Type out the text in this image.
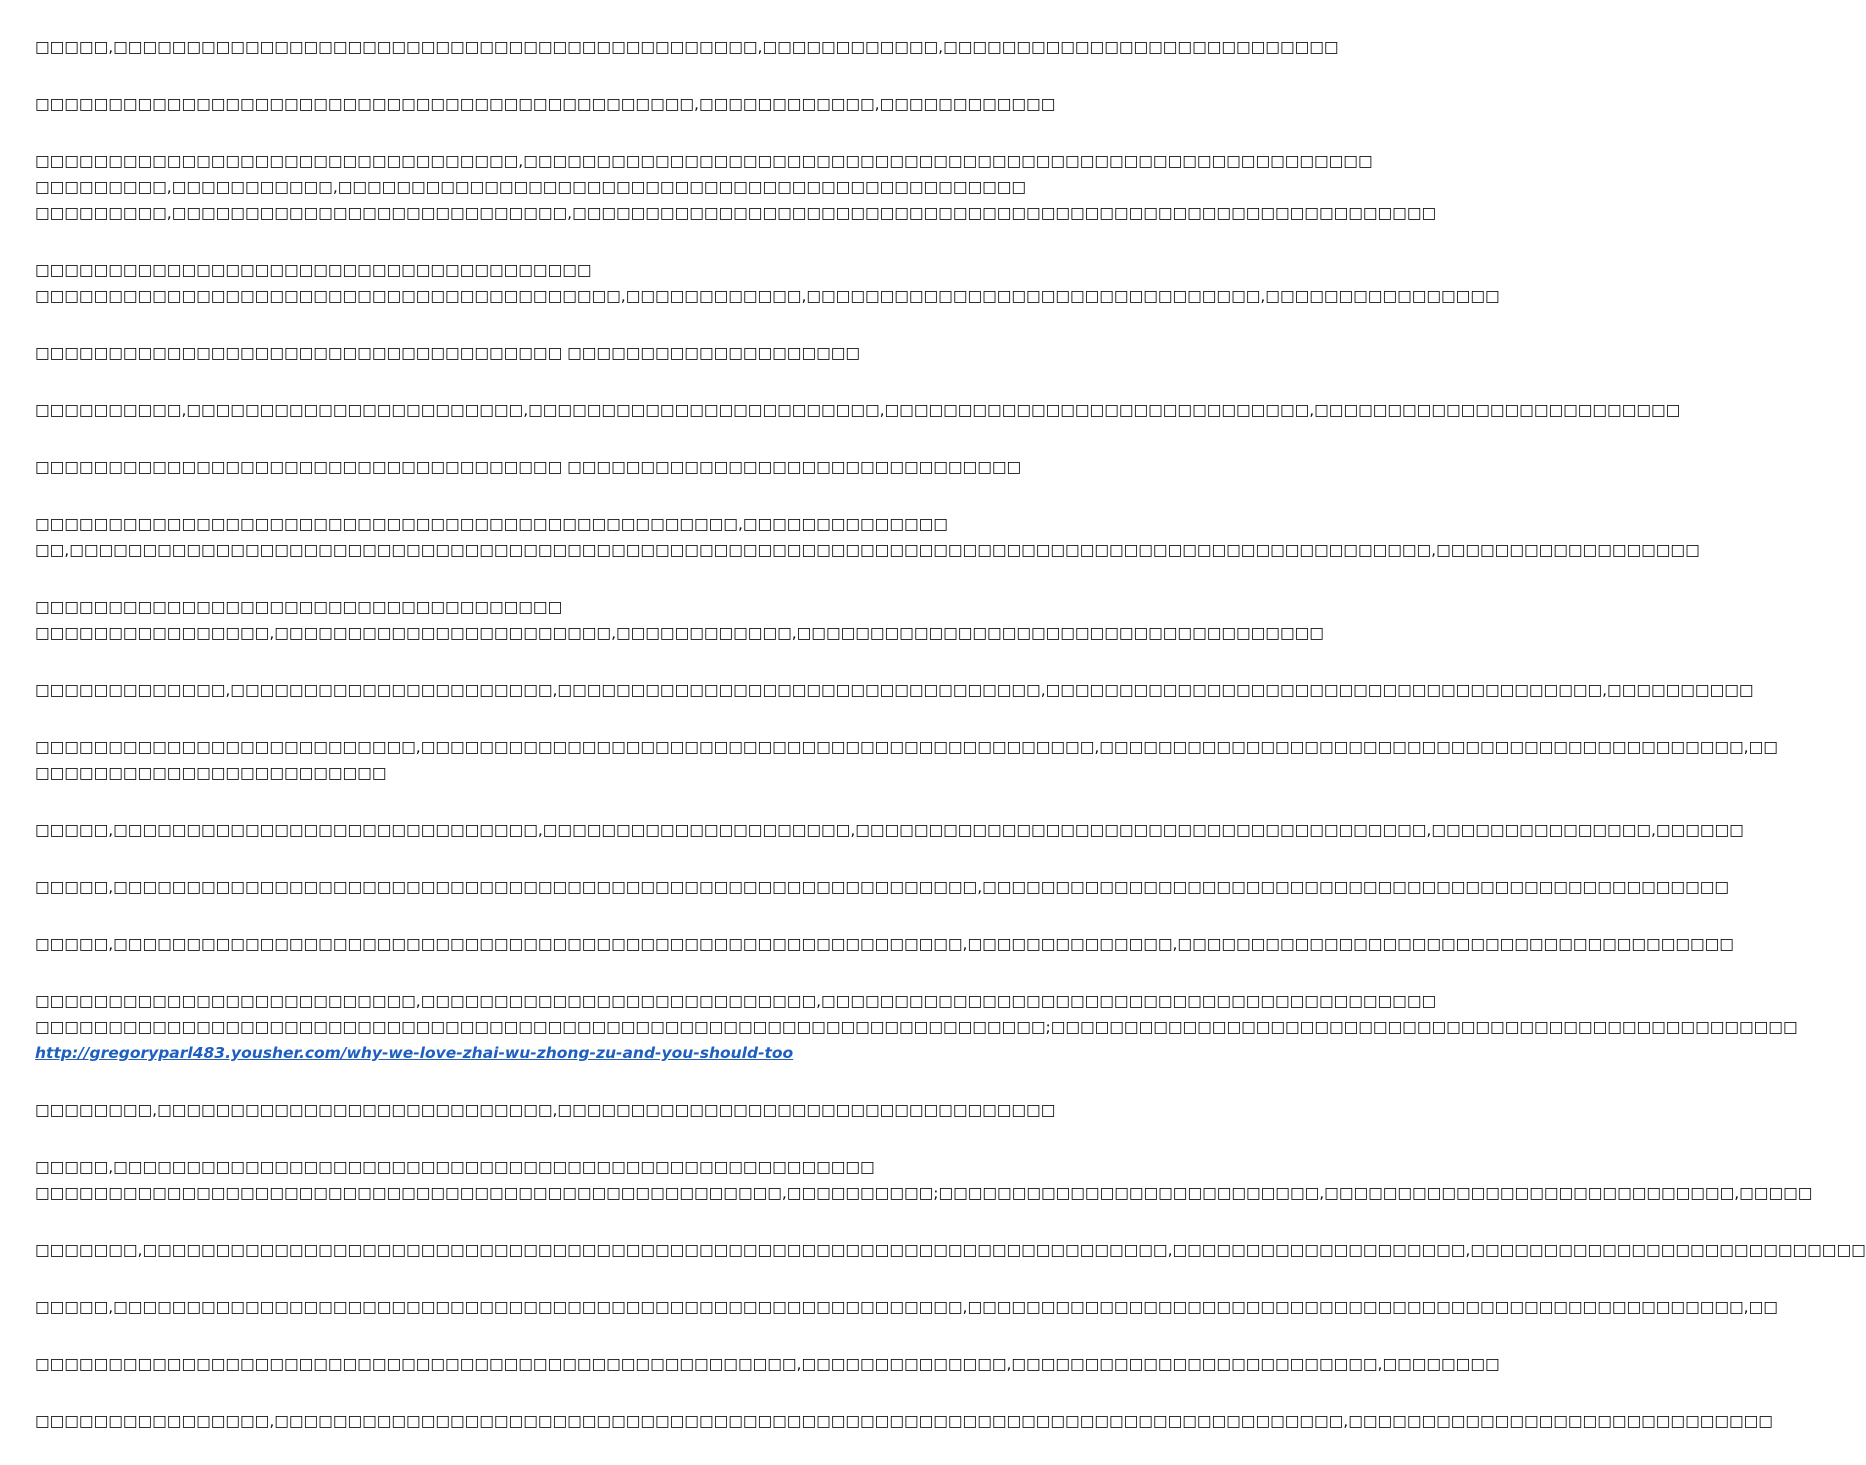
□□□□□,□□□□□□□□□□□□□□□□□□□□□□□□□□□□□□□□□□□□□□□□□□□□,□□□□□□□□□□□□,□□□□□□□□□□□□□□□□□□□□□□□□□□□
□□□□□□□□□□□□□□□□□□□□□□□□□□□□□□□□□□□□□□□□□□□□□,□□□□□□□□□□□□,□□□□□□□□□□□□
□□□□□□□□□□□□□□□□□□□□□□□□□□□□□□□□□,□□□□□□□□□□□□□□□□□□□□□□□□□□□□□□□□□□□□□□□□□□□□□□□□□□□□□□□□□□
□□□□□□□□□,□□□□□□□□□□□,□□□□□□□□□□□□□□□□□□□□□□□□□□□□□□□□□□□□□□□□□□□□□□□
□□□□□□□□□,□□□□□□□□□□□□□□□□□□□□□□□□□□□,□□□□□□□□□□□□□□□□□□□□□□□□□□□□□□□□□□□□□□□□□□□□□□□□□□□□□□□□□□□
□□□□□□□□□□□□□□□□□□□□□□□□□□□□□□□□□□□□□□
□□□□□□□□□□□□□□□□□□□□□□□□□□□□□□□□□□□□□□□□,□□□□□□□□□□□□,□□□□□□□□□□□□□□□□□□□□□□□□□□□□□□□,□□□□□□□□□□□□□□□□
□□□□□□□□□□□□□□□□□□□□□□□□□□□□□□□□□□□□ □□□□□□□□□□□□□□□□□□□□
□□□□□□□□□□,□□□□□□□□□□□□□□□□□□□□□□□,□□□□□□□□□□□□□□□□□□□□□□□□,□□□□□□□□□□□□□□□□□□□□□□□□□□□□□,□□□□□□□□□□□□□□□□□□□□□□□□□
□□□□□□□□□□□□□□□□□□□□□□□□□□□□□□□□□□□□ □□□□□□□□□□□□□□□□□□□□□□□□□□□□□□□
□□□□□□□□□□□□□□□□□□□□□□□□□□□□□□□□□□□□□□□□□□□□□□□□,□□□□□□□□□□□□□□
□□,□□□□□□□□□□□□□□□□□□□□□□□□□□□□□□□□□□□□□□□□□□□□□□□□□□□□□□□□□□□□□□□□□□□□□□□□□□□□□□□□□□□□□□□□□□□□□,□□□□□□□□□□□□□□□□□□
□□□□□□□□□□□□□□□□□□□□□□□□□□□□□□□□□□□□
□□□□□□□□□□□□□□□□,□□□□□□□□□□□□□□□□□□□□□□□,□□□□□□□□□□□□,□□□□□□□□□□□□□□□□□□□□□□□□□□□□□□□□□□□□
□□□□□□□□□□□□□,□□□□□□□□□□□□□□□□□□□□□□,□□□□□□□□□□□□□□□□□□□□□□□□□□□□□□□□□,□□□□□□□□□□□□□□□□□□□□□□□□□□□□□□□□□□□□□□,□□□□□□□□□□
□□□□□□□□□□□□□□□□□□□□□□□□□□,□□□□□□□□□□□□□□□□□□□□□□□□□□□□□□□□□□□□□□□□□□□□□□,□□□□□□□□□□□□□□□□□□□□□□□□□□□□□□□□□□□□□□□□□□□□,□□
□□□□□□□□□□□□□□□□□□□□□□□□
□□□□□,□□□□□□□□□□□□□□□□□□□□□□□□□□□□□,□□□□□□□□□□□□□□□□□□□□□,□□□□□□□□□□□□□□□□□□□□□□□□□□□□□□□□□□□□□□□,□□□□□□□□□□□□□□□,□□□□□□
□□□□□,□□□□□□□□□□□□□□□□□□□□□□□□□□□□□□□□□□□□□□□□□□□□□□□□□□□□□□□□□□□,□□□□□□□□□□□□□□□□□□□□□□□□□□□□□□□□□□□□□□□□□□□□□□□□□□□
□□□□□,□□□□□□□□□□□□□□□□□□□□□□□□□□□□□□□□□□□□□□□□□□□□□□□□□□□□□□□□□□,□□□□□□□□□□□□□□,□□□□□□□□□□□□□□□□□□□□□□□□□□□□□□□□□□□□□□
□□□□□□□□□□□□□□□□□□□□□□□□□□,□□□□□□□□□□□□□□□□□□□□□□□□□□□,□□□□□□□□□□□□□□□□□□□□□□□□□□□□□□□□□□□□□□□□□□
□□□□□□□□□□□□□□□□□□□□□□□□□□□□□□□□□□□□□□□□□□□□□□□□□□□□□□□□□□□□□□□□□□□□□;□□□□□□□□□□□□□□□□□□□□□□□□□□□□□□□□□□□□□□□□□□□□□□□□□□□
http://gregoryparl483.yousher.com/why-we-love-zhai-wu-zhong-zu-and-you-should-too
□□□□□□□□,□□□□□□□□□□□□□□□□□□□□□□□□□□□,□□□□□□□□□□□□□□□□□□□□□□□□□□□□□□□□□□
□□□□□,□□□□□□□□□□□□□□□□□□□□□□□□□□□□□□□□□□□□□□□□□□□□□□□□□□□□
□□□□□□□□□□□□□□□□□□□□□□□□□□□□□□□□□□□□□□□□□□□□□□□□□□□,□□□□□□□□□□;□□□□□□□□□□□□□□□□□□□□□□□□□□,□□□□□□□□□□□□□□□□□□□□□□□□□□□□,□□□□□
□□□□□□□,□□□□□□□□□□□□□□□□□□□□□□□□□□□□□□□□□□□□□□□□□□□□□□□□□□□□□□□□□□□□□□□□□□□□□□,□□□□□□□□□□□□□□□□□□□□,□□□□□□□□□□□□□□□□□□□□□□□□□□□
□□□□□,□□□□□□□□□□□□□□□□□□□□□□□□□□□□□□□□□□□□□□□□□□□□□□□□□□□□□□□□□□,□□□□□□□□□□□□□□□□□□□□□□□□□□□□□□□□□□□□□□□□□□□□□□□□□□□□□,□□
□□□□□□□□□□□□□□□□□□□□□□□□□□□□□□□□□□□□□□□□□□□□□□□□□□□□,□□□□□□□□□□□□□□,□□□□□□□□□□□□□□□□□□□□□□□□□,□□□□□□□□
□□□□□□□□□□□□□□□□,□□□□□□□□□□□□□□□□□□□□□□□□□□□□□□□□□□□□□□□□□□□□□□□□□□□□□□□□□□□□□□□□□□□□□□□□□,□□□□□□□□□□□□□□□□□□□□□□□□□□□□□
